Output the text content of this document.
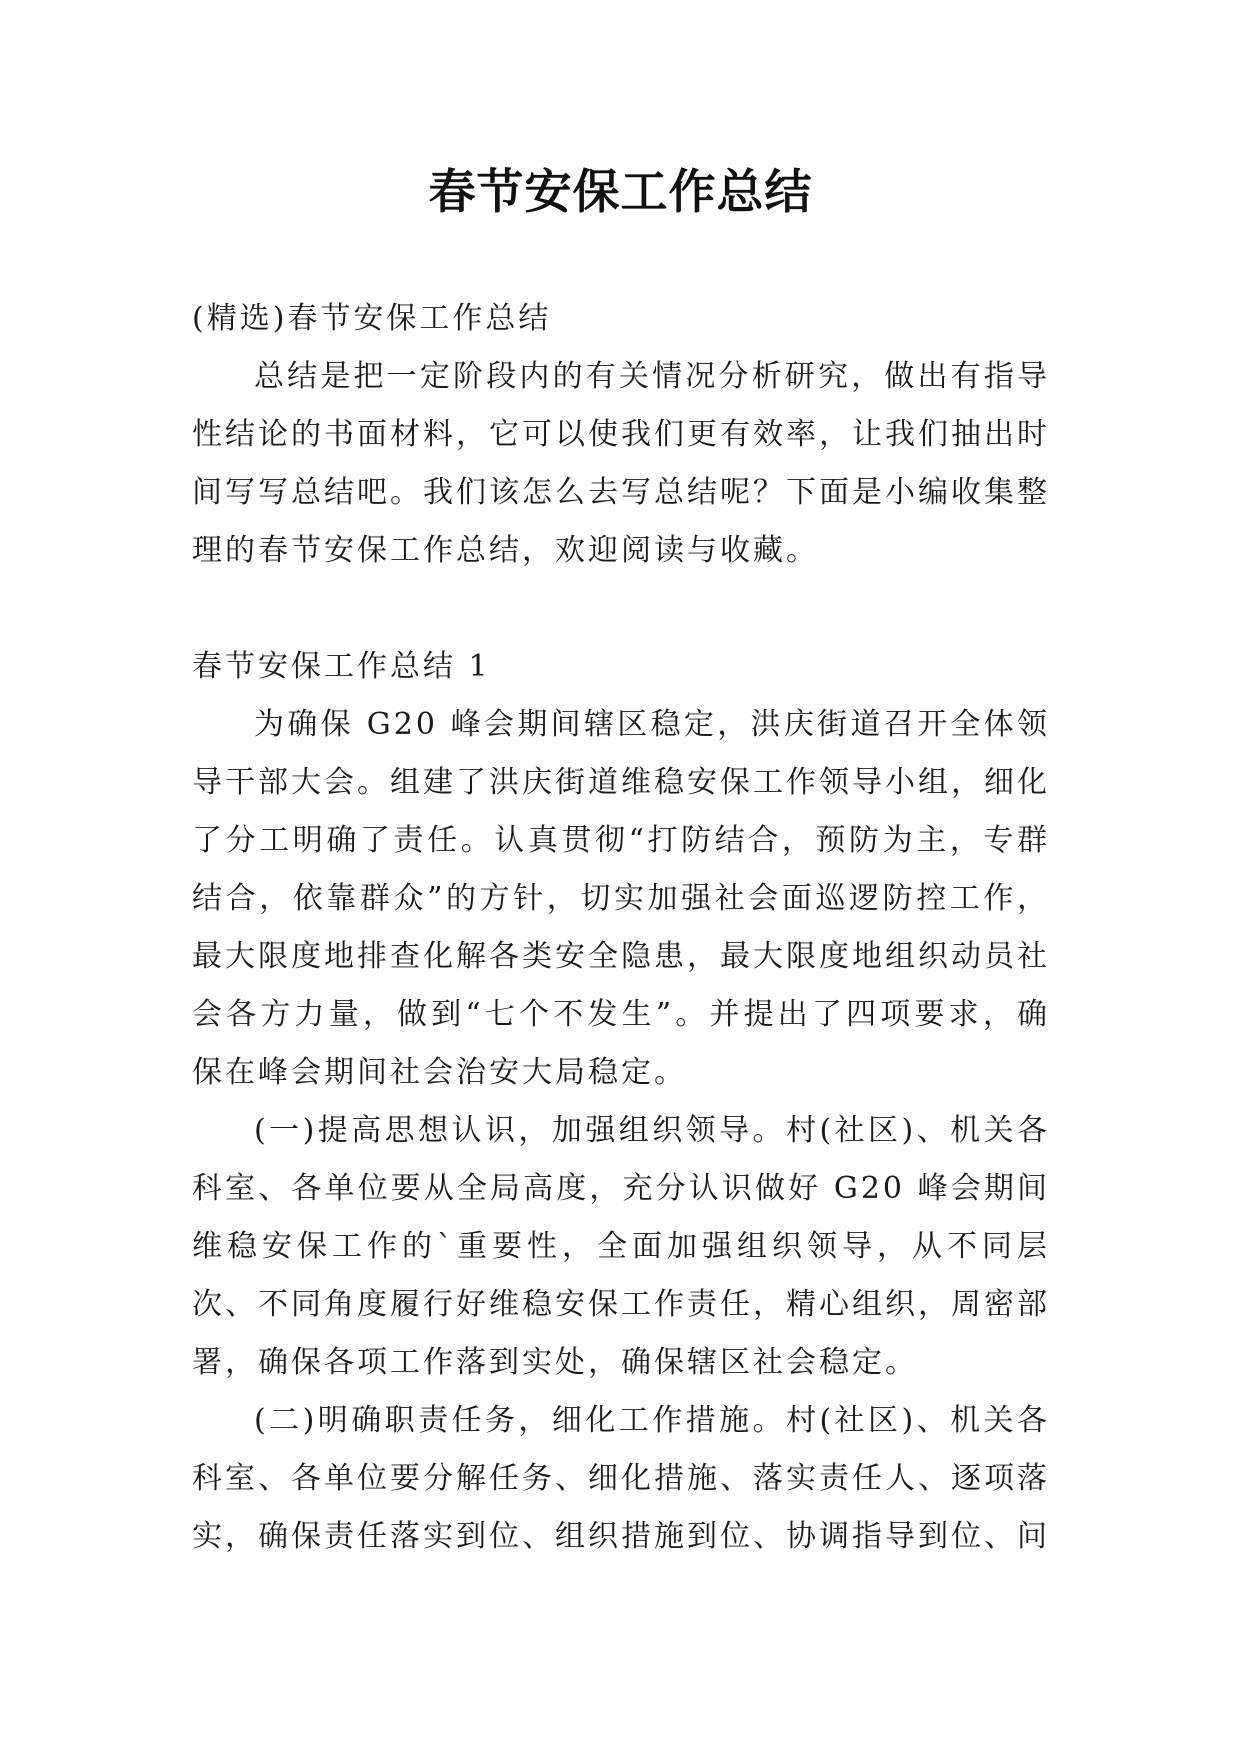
春节安保工作总结

(精选)春节安保工作总结

总结是把一定阶段内的有关情况分析研究，做出有指导性结论的书面材料，它可以使我们更有效率，让我们抽出时间写写总结吧。我们该怎么去写总结呢？下面是小编收集整理的春节安保工作总结，欢迎阅读与收藏。

春节安保工作总结 1

为确保 G20 峰会期间辖区稳定，洪庆街道召开全体领导干部大会。组建了洪庆街道维稳安保工作领导小组，细化了分工明确了责任。认真贯彻“打防结合，预防为主，专群结合，依靠群众”的方针，切实加强社会面巡逻防控工作，最大限度地排查化解各类安全隐患，最大限度地组织动员社会各方力量，做到“七个不发生”。并提出了四项要求，确保在峰会期间社会治安大局稳定。

(一)提高思想认识，加强组织领导。村(社区)、机关各科室、各单位要从全局高度，充分认识做好 G20 峰会期间维稳安保工作的`重要性，全面加强组织领导，从不同层次、不同角度履行好维稳安保工作责任，精心组织，周密部署，确保各项工作落到实处，确保辖区社会稳定。

(二)明确职责任务，细化工作措施。村(社区)、机关各科室、各单位要分解任务、细化措施、落实责任人、逐项落实，确保责任落实到位、组织措施到位、协调指导到位、问
